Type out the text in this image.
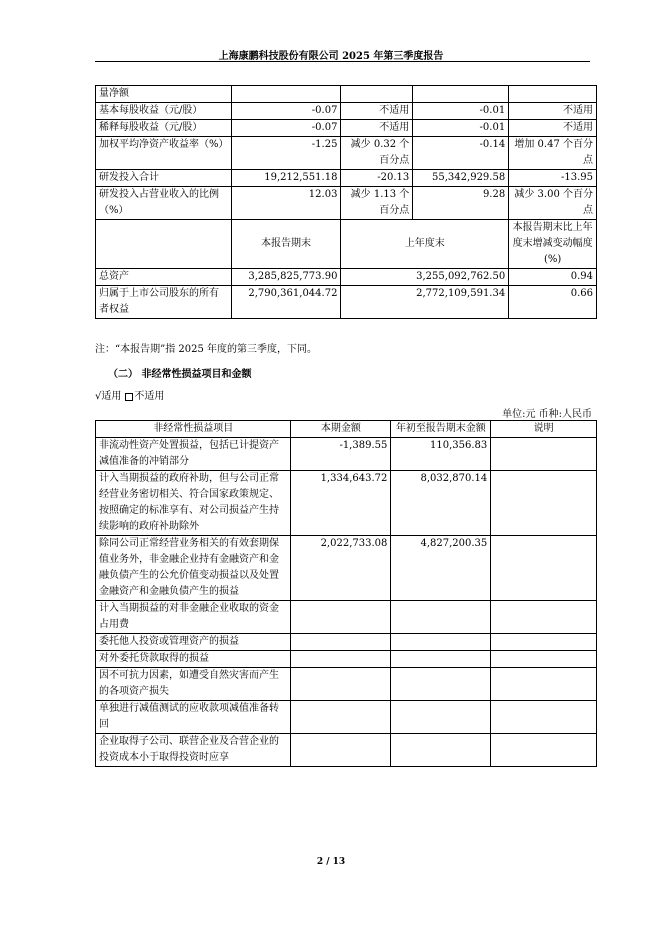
上海康鹏科技股份有限公司 2025 年第三季度报告
量净额				
基本每股收益（元/股）	-0.07	不适用	-0.01	不适用
稀释每股收益（元/股）	-0.07	不适用	-0.01	不适用
加权平均净资产收益率（%）	-1.25	减少 0.32 个百分点	-0.14	增加 0.47 个百分点
研发投入合计	19,212,551.18	-20.13	55,342,929.58	-13.95
研发投入占营业收入的比例（%）	12.03	减少 1.13 个百分点	9.28	减少 3.00 个百分点
	本报告期末	上年度末		本报告期末比上年度末增减变动幅度(%)
总资产	3,285,825,773.90	3,255,092,762.50		0.94
归属于上市公司股东的所有者权益	2,790,361,044.72	2,772,109,591.34		0.66
注：“本报告期”指 2025 年度的第三季度，下同。
（二） 非经常性损益项目和金额
√适用 不适用
单位:元 币种:人民币
非经常性损益项目	本期金额	年初至报告期末金额	说明
非流动性资产处置损益，包括已计提资产减值准备的冲销部分	-1,389.55	110,356.83	
计入当期损益的政府补助，但与公司正常经营业务密切相关、符合国家政策规定、按照确定的标准享有、对公司损益产生持续影响的政府补助除外	1,334,643.72	8,032,870.14	
除同公司正常经营业务相关的有效套期保值业务外，非金融企业持有金融资产和金融负债产生的公允价值变动损益以及处置金融资产和金融负债产生的损益	2,022,733.08	4,827,200.35	
计入当期损益的对非金融企业收取的资金占用费			
委托他人投资或管理资产的损益			
对外委托贷款取得的损益			
因不可抗力因素，如遭受自然灾害而产生的各项资产损失			
单独进行减值测试的应收款项减值准备转回			
企业取得子公司、联营企业及合营企业的投资成本小于取得投资时应享			
2 / 13
